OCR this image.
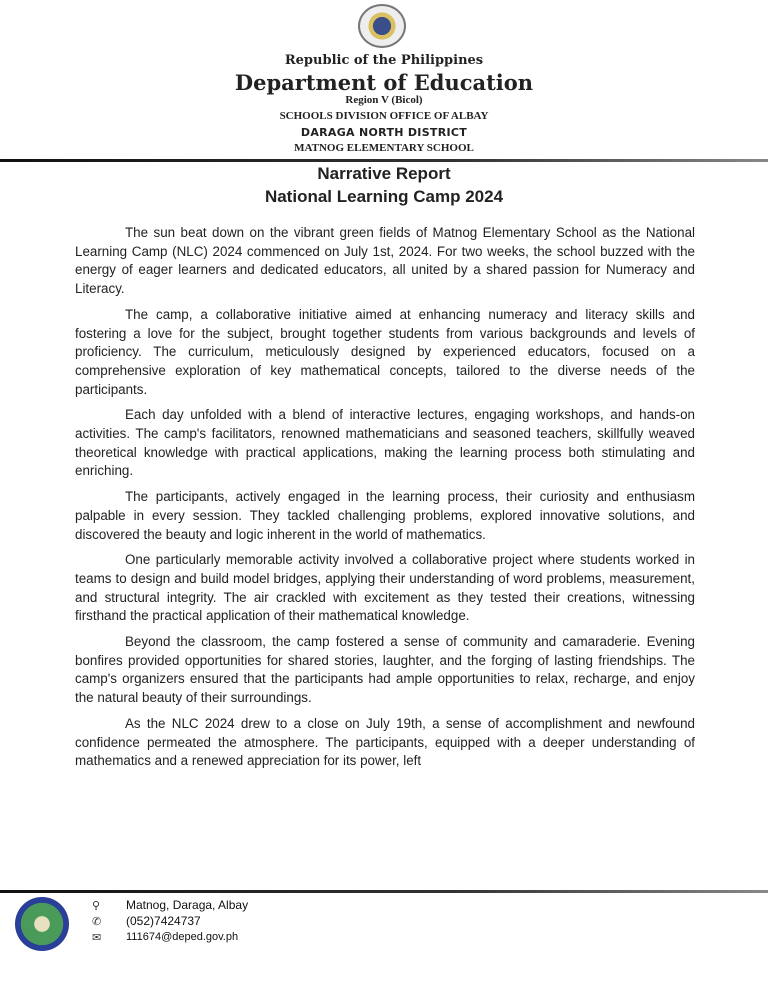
Republic of the Philippines
Department of Education
Region V (Bicol)
SCHOOLS DIVISION OFFICE OF ALBAY
DARAGA NORTH DISTRICT
MATNOG ELEMENTARY SCHOOL
Narrative Report
National Learning Camp 2024

The sun beat down on the vibrant green fields of Matnog Elementary School as the National Learning Camp (NLC) 2024 commenced on July 1st, 2024. For two weeks, the school buzzed with the energy of eager learners and dedicated educators, all united by a shared passion for Numeracy and Literacy.

The camp, a collaborative initiative aimed at enhancing numeracy and literacy skills and fostering a love for the subject, brought together students from various backgrounds and levels of proficiency. The curriculum, meticulously designed by experienced educators, focused on a comprehensive exploration of key mathematical concepts, tailored to the diverse needs of the participants.

Each day unfolded with a blend of interactive lectures, engaging workshops, and hands-on activities. The camp's facilitators, renowned mathematicians and seasoned teachers, skillfully weaved theoretical knowledge with practical applications, making the learning process both stimulating and enriching.

The participants, actively engaged in the learning process, their curiosity and enthusiasm palpable in every session. They tackled challenging problems, explored innovative solutions, and discovered the beauty and logic inherent in the world of mathematics.

One particularly memorable activity involved a collaborative project where students worked in teams to design and build model bridges, applying their understanding of word problems, measurement, and structural integrity. The air crackled with excitement as they tested their creations, witnessing firsthand the practical application of their mathematical knowledge.

Beyond the classroom, the camp fostered a sense of community and camaraderie. Evening bonfires provided opportunities for shared stories, laughter, and the forging of lasting friendships. The camp's organizers ensured that the participants had ample opportunities to relax, recharge, and enjoy the natural beauty of their surroundings.

As the NLC 2024 drew to a close on July 19th, a sense of accomplishment and newfound confidence permeated the atmosphere. The participants, equipped with a deeper understanding of mathematics and a renewed appreciation for its power, left

⚲
✆
✉
Matnog, Daraga, Albay
(052)7424737
111674@deped.gov.ph
